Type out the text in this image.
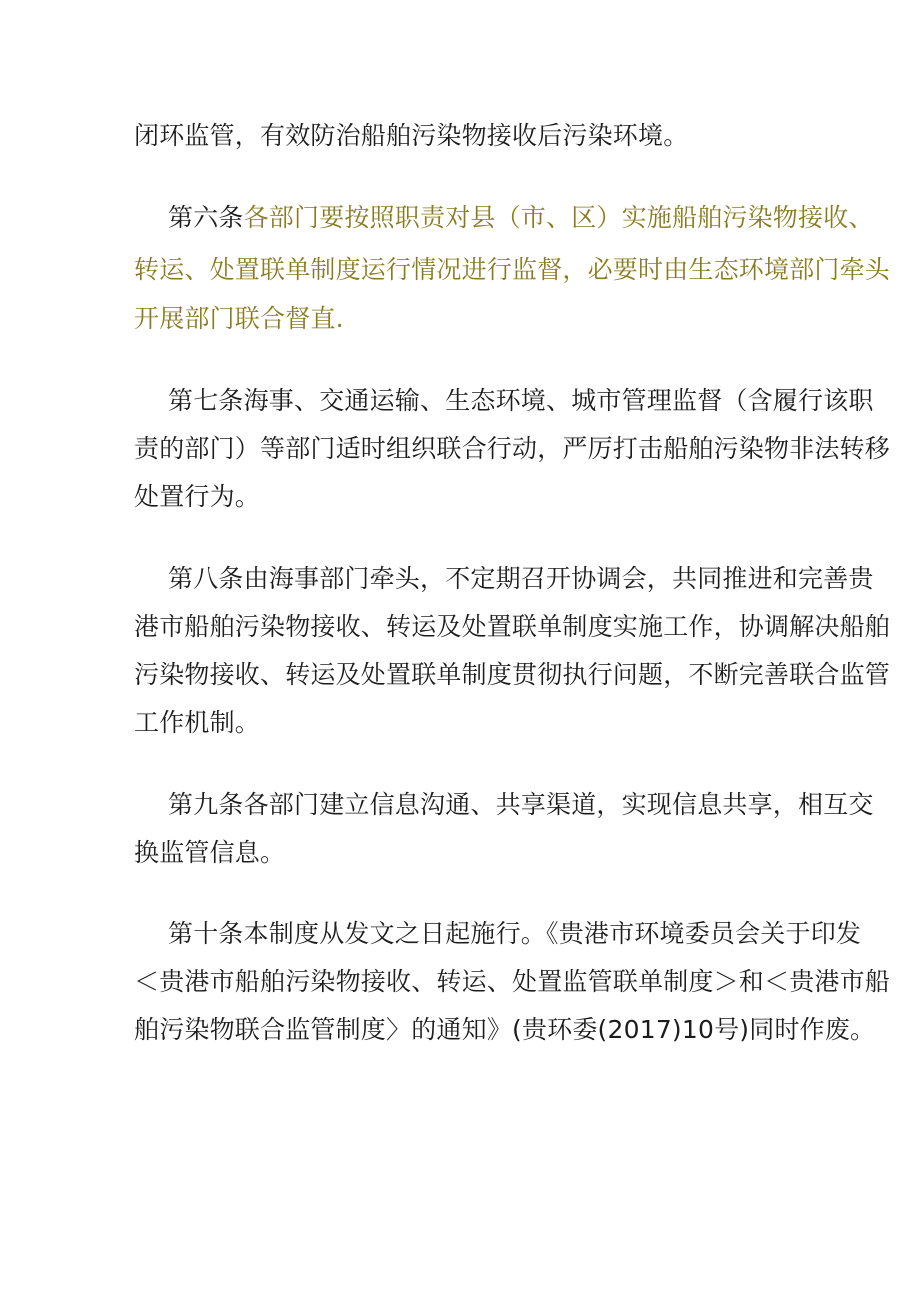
闭环监管，有效防治船舶污染物接收后污染环境。
第六条各部门要按照职责对县（市、区）实施船舶污染物接收、
转运、处置联单制度运行情况进行监督，必要时由生态环境部门牵头
开展部门联合督直.
第七条海事、交通运输、生态环境、城市管理监督（含履行该职
责的部门）等部门适时组织联合行动，严厉打击船舶污染物非法转移
处置行为。
第八条由海事部门牵头，不定期召开协调会，共同推进和完善贵
港市船舶污染物接收、转运及处置联单制度实施工作，协调解决船舶
污染物接收、转运及处置联单制度贯彻执行问题，不断完善联合监管
工作机制。
第九条各部门建立信息沟通、共享渠道，实现信息共享，相互交
换监管信息。
第十条本制度从发文之日起施行。《贵港市环境委员会关于印发
＜贵港市船舶污染物接收、转运、处置监管联单制度＞和＜贵港市船
舶污染物联合监管制度〉的通知》(贵环委(2017)10号)同时作废。
